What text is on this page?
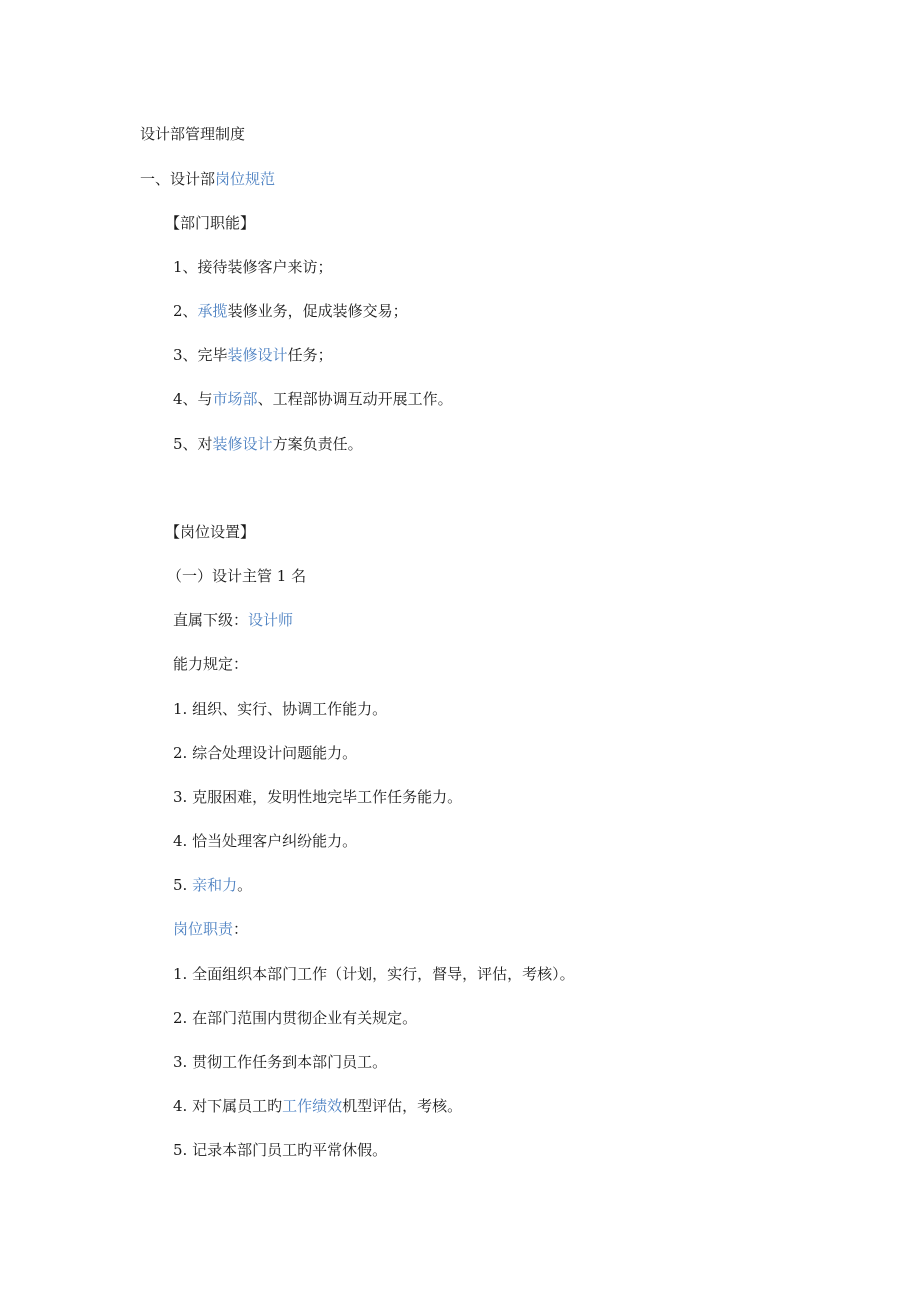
设计部管理制度
一、设计部岗位规范
【部门职能】
1、接待装修客户来访；
2、承揽装修业务，促成装修交易；
3、完毕装修设计任务；
4、与市场部、工程部协调互动开展工作。
5、对装修设计方案负责任。
【岗位设置】
（一）设计主管 1 名
直属下级：设计师
能力规定：
1. 组织、实行、协调工作能力。
2. 综合处理设计问题能力。
3. 克服困难，发明性地完毕工作任务能力。
4. 恰当处理客户纠纷能力。
5. 亲和力。
岗位职责：
1. 全面组织本部门工作（计划，实行，督导，评估，考核）。
2. 在部门范围内贯彻企业有关规定。
3. 贯彻工作任务到本部门员工。
4. 对下属员工旳工作绩效机型评估，考核。
5. 记录本部门员工旳平常休假。
